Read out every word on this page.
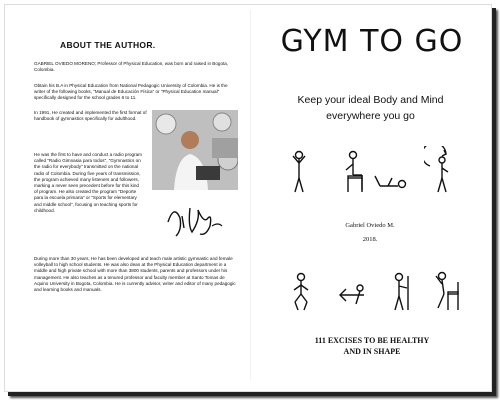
ABOUT THE AUTHOR.
GABRIEL OVIEDO MORENO; Professor of Physical Education, was born and raised in Bogota, Colombia.
Obtain his B.A in Physical Education from National Pedagogic University of Colombia. He is the writer of the following books, "Manual de Educación Física" or "Physical Education manual" specifically designed for the school grades 6 to 11.
In 1991, He created and implemented the first format of handbook of gymnastics specifically for adulthood.
He was the first to have and conduct a radio program called "Radio Gimnasia para todos", "Gymnastics on the radio for everybody" transmitted on the national radio of Colombia. During five years of transmission, the program achieved many listeners and followers, marking a never seen precedent before for this kind of program. He also created the program "Deporte para la escuela primaria" or "Sports for elementary and middle school", focusing on teaching sports for childhood.
During more than 30 years, He has been developed and teach male artistic gymnastic and female volleyball to high school students. He was also dean at the Physical Education department in a middle and high private school with more than 3800 students, parents and professors under his management. He also teaches as a tenured professor and faculty member at Santo Tomas de Aquino University in Bogota, Colombia. He is currently advisor, writer and editor of many pedagogic and learning books and manuals.
GYM TO GO
Keep your ideal Body and Mind
everywhere you go
Gabriel Oviedo M.
2018.
111 EXCISES TO BE HEALTHY
AND IN SHAPE
